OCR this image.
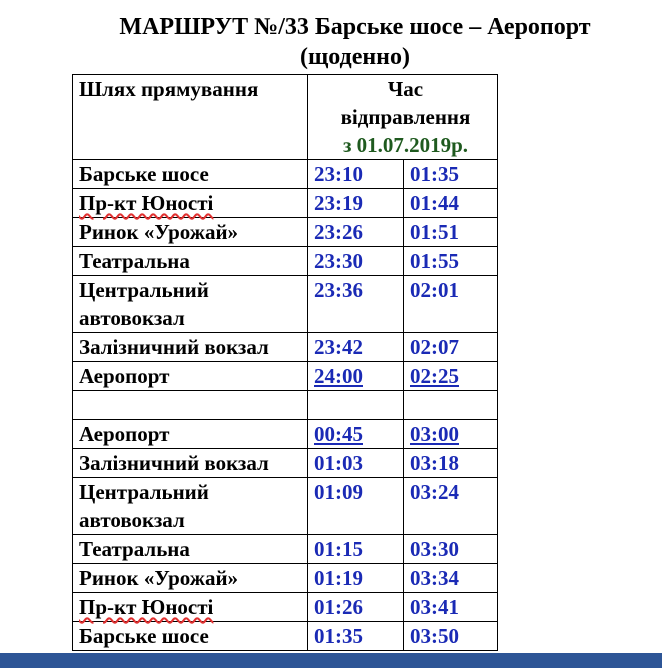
МАРШРУТ №/33 Барське шосе – Аеропорт
(щоденно)
Шлях прямування	Час
відправлення
з 01.07.2019р.	

Барське шосе	23:10	01:35
Пр-кт Юності	23:19	01:44
Ринок «Урожай»	23:26	01:51
Театральна	23:30	01:55
Центральний автовокзал	23:36	02:01
Залізничний вокзал	23:42	02:07
Аеропорт	24:00	02:25

Аеропорт	00:45	03:00
Залізничний вокзал	01:03	03:18
Центральний автовокзал	01:09	03:24
Театральна	01:15	03:30
Ринок «Урожай»	01:19	03:34
Пр-кт Юності	01:26	03:41
Барське шосе	01:35	03:50
